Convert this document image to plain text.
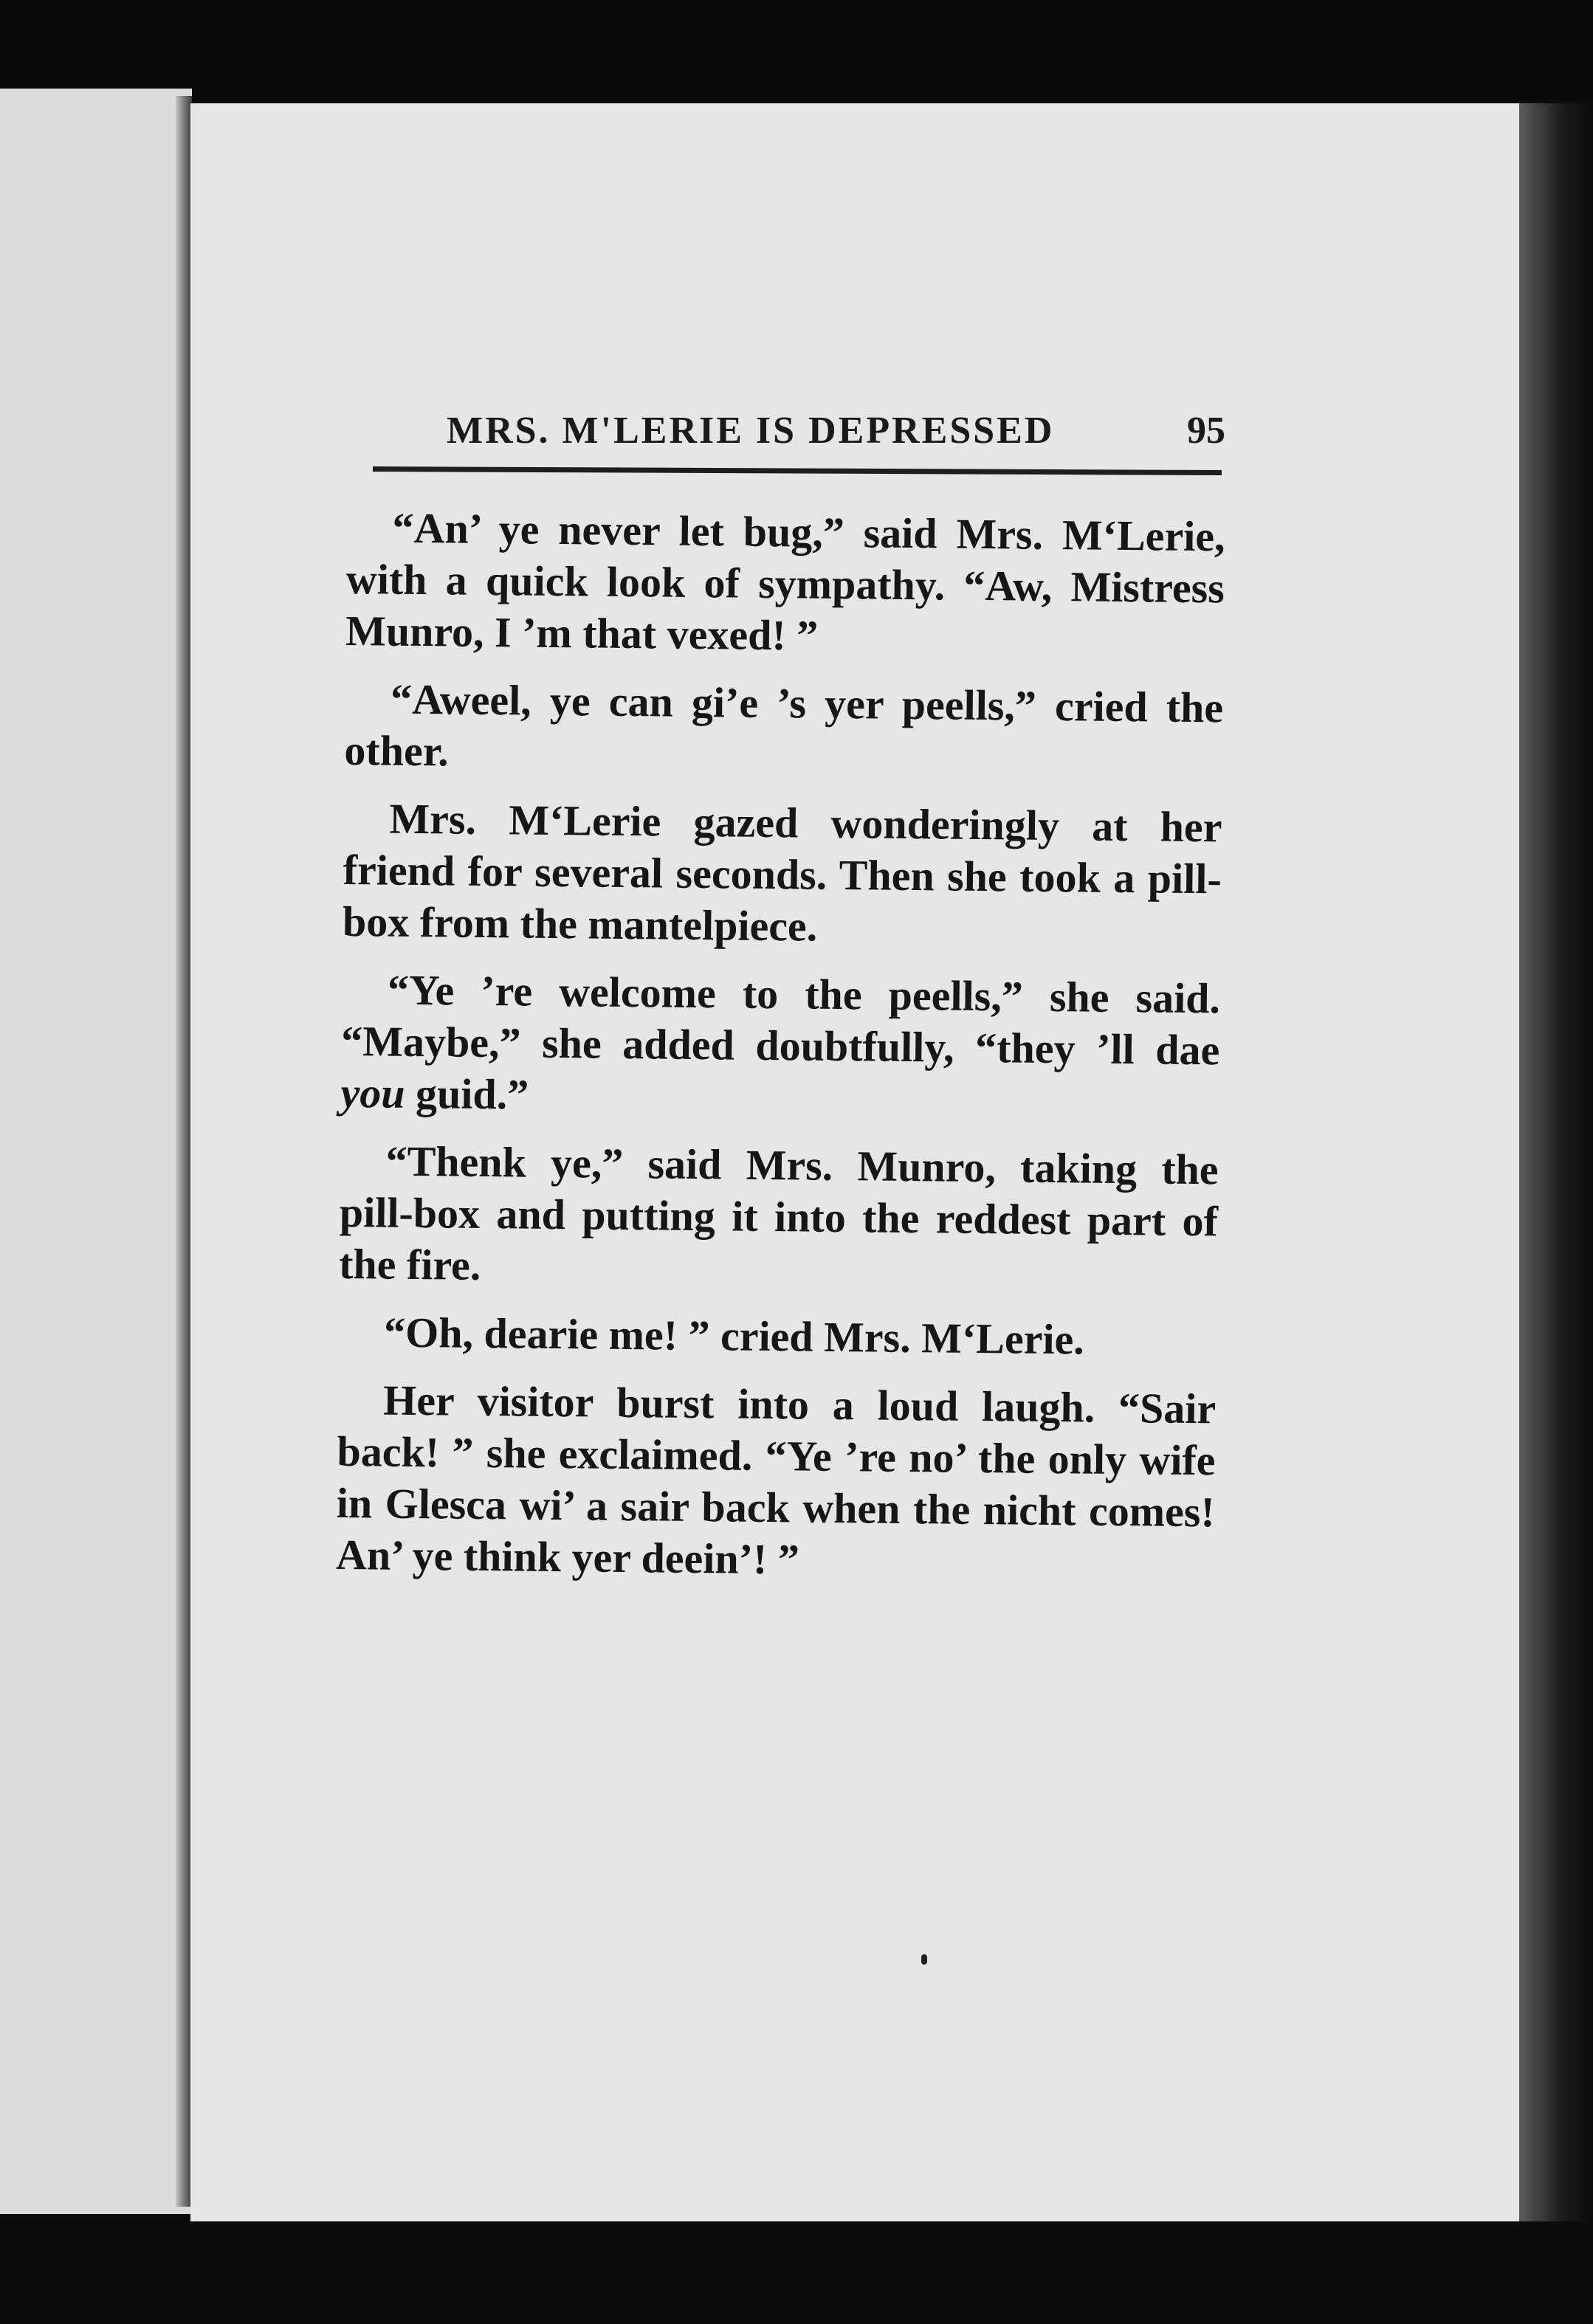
MRS. M'LERIE IS DEPRESSED	95

“An’ ye never let bug,” said Mrs. M‘Lerie, with a quick look of sympathy. “Aw, Mistress Munro, I ’m that vexed! ”

“Aweel, ye can gi’e ’s yer peells,” cried the other.

Mrs. M‘Lerie gazed wonderingly at her friend for several seconds. Then she took a pill-box from the mantelpiece.

“Ye ’re welcome to the peells,” she said. “Maybe,” she added doubtfully, “they ’ll dae you guid.”

“Thenk ye,” said Mrs. Munro, taking the pill-box and putting it into the reddest part of the fire.

“Oh, dearie me! ” cried Mrs. M‘Lerie.

Her visitor burst into a loud laugh. “Sair back! ” she exclaimed. “Ye ’re no’ the only wife in Glesca wi’ a sair back when the nicht comes! An’ ye think yer deein’! ”
